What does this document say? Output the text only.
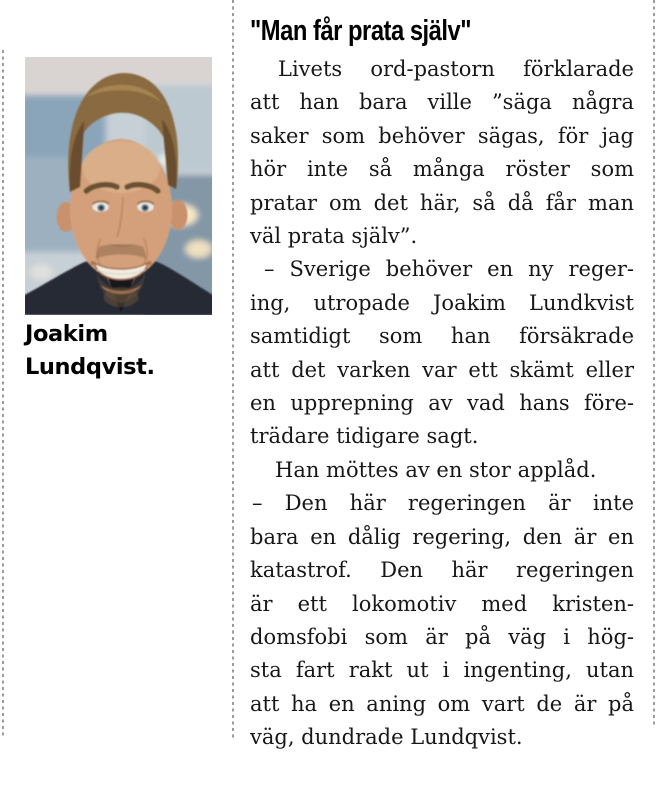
Joakim
Lundqvist.
"Man får prata själv"
Livets ord-pastorn förklarade
att han bara ville ”säga några
saker som behöver sägas, för jag
hör inte så många röster som
pratar om det här, så då får man
väl prata själv”.
– Sverige behöver en ny reger-
ing, utropade Joakim Lundkvist
samtidigt som han försäkrade
att det varken var ett skämt eller
en upprepning av vad hans före-
trädare tidigare sagt.
Han möttes av en stor applåd.
– Den här regeringen är inte
bara en dålig regering, den är en
katastrof. Den här regeringen
är ett lokomotiv med kristen-
domsfobi som är på väg i hög-
sta fart rakt ut i ingenting, utan
att ha en aning om vart de är på
väg, dundrade Lundqvist.
